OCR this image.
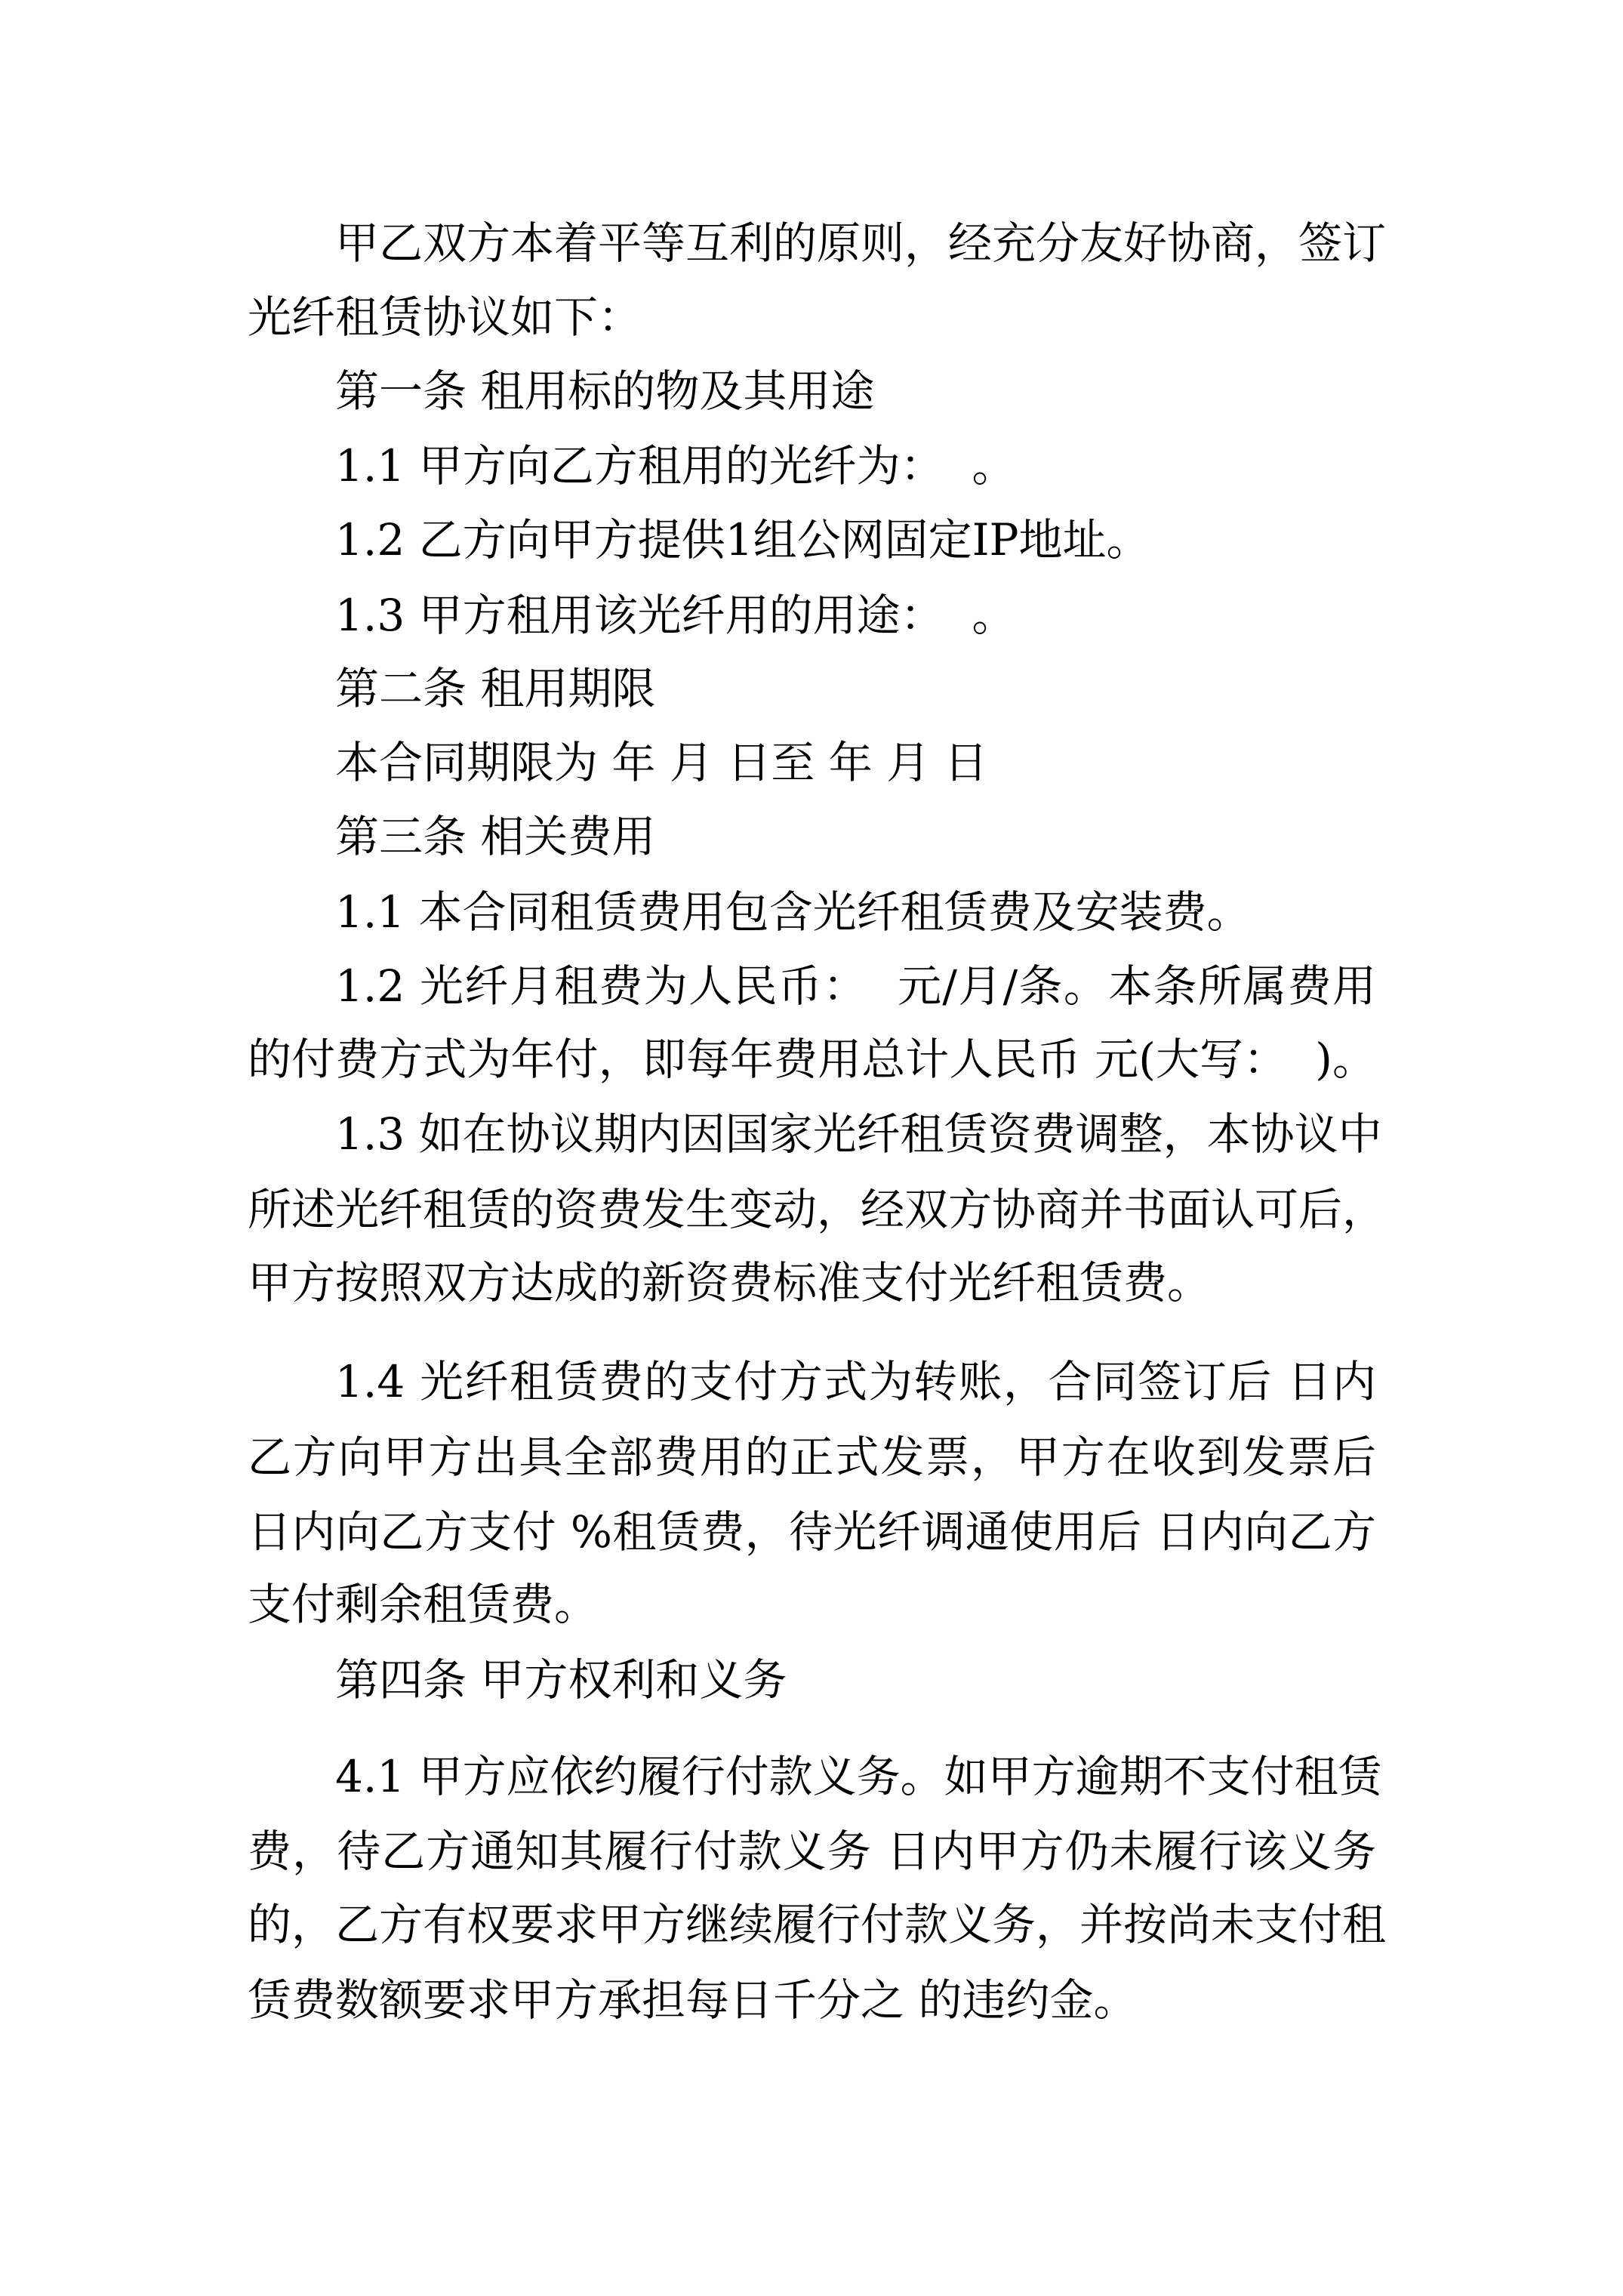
甲乙双方本着平等互利的原则，经充分友好协商，签订

光纤租赁协议如下：

第一条 租用标的物及其用途

1.1 甲方向乙方租用的光纤为：  。

1.2 乙方向甲方提供1组公网固定IP地址。

1.3 甲方租用该光纤用的用途：  。

第二条 租用期限

本合同期限为 年 月 日至 年 月 日

第三条 相关费用

1.1 本合同租赁费用包含光纤租赁费及安装费。

1.2 光纤月租费为人民币：  元/月/条。本条所属费用

的付费方式为年付，即每年费用总计人民币 元(大写：  )。

1.3 如在协议期内因国家光纤租赁资费调整，本协议中

所述光纤租赁的资费发生变动，经双方协商并书面认可后，

甲方按照双方达成的新资费标准支付光纤租赁费。

1.4 光纤租赁费的支付方式为转账，合同签订后 日内

乙方向甲方出具全部费用的正式发票，甲方在收到发票后

日内向乙方支付 %租赁费，待光纤调通使用后 日内向乙方

支付剩余租赁费。

第四条 甲方权利和义务

4.1 甲方应依约履行付款义务。如甲方逾期不支付租赁

费，待乙方通知其履行付款义务 日内甲方仍未履行该义务

的，乙方有权要求甲方继续履行付款义务，并按尚未支付租

赁费数额要求甲方承担每日千分之 的违约金。
